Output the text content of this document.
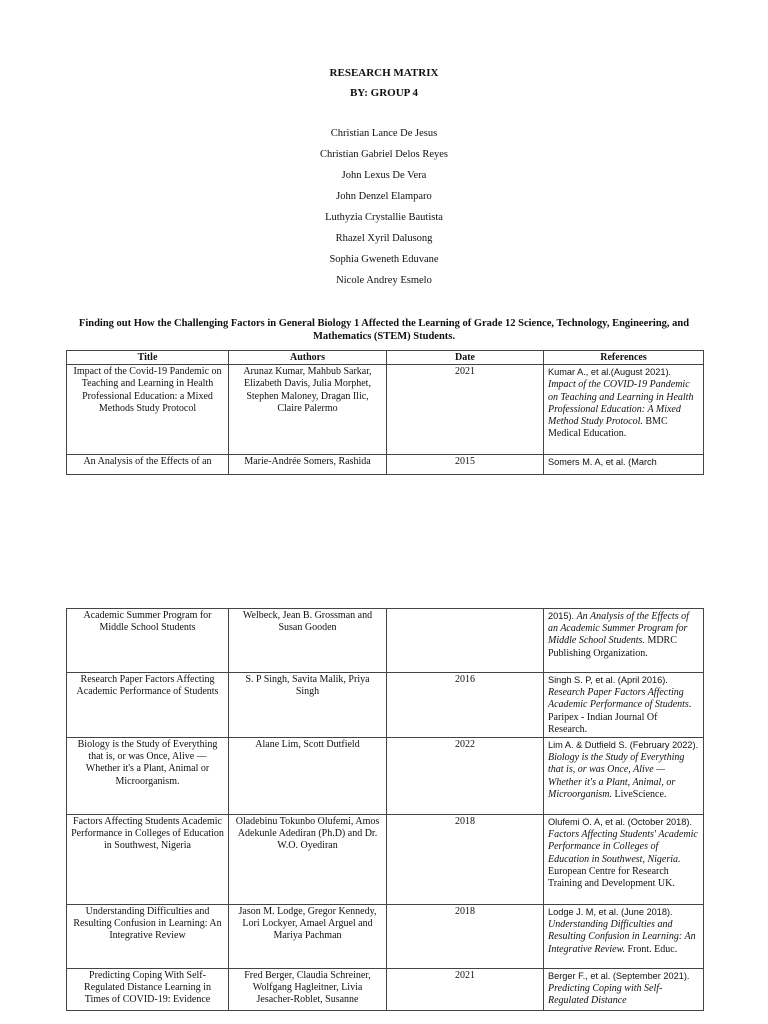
RESEARCH MATRIX
BY: GROUP 4
Christian Lance De Jesus
Christian Gabriel Delos Reyes
John Lexus De Vera
John Denzel Elamparo
Luthyzia Crystallie Bautista
Rhazel Xyril Dalusong
Sophia Gweneth Eduvane
Nicole Andrey Esmelo
Finding out How the Challenging Factors in General Biology 1 Affected the Learning of Grade 12 Science, Technology, Engineering, and Mathematics (STEM) Students.
Title	Authors	Date	References
Impact of the Covid-19 Pandemic on Teaching and Learning in Health Professional Education: a Mixed Methods Study Protocol	Arunaz Kumar, Mahbub Sarkar, Elizabeth Davis, Julia Morphet, Stephen Maloney, Dragan Ilic, Claire Palermo	2021	Kumar A., et al.(August 2021).
Impact of the COVID-19 Pandemic on Teaching and Learning in Health Professional Education: A Mixed Method Study Protocol. BMC Medical Education.
An Analysis of the Effects of an	Marie-Andrée Somers, Rashida	2015	Somers M. A, et al. (March
Academic Summer Program for Middle School Students	Welbeck, Jean B. Grossman and Susan Gooden		2015). An Analysis of the Effects of an Academic Summer Program for Middle School Students. MDRC Publishing Organization.
Research Paper Factors Affecting Academic Performance of Students	S. P Singh, Savita Malik, Priya Singh	2016	Singh S. P, et al. (April 2016).
Research Paper Factors Affecting Academic Performance of Students. Paripex - Indian Journal Of Research.
Biology is the Study of Everything that is, or was Once, Alive — Whether it's a Plant, Animal or Microorganism.	Alane Lim, Scott Dutfield	2022	Lim A. & Dutfield S. (February 2022). Biology is the Study of Everything that is, or was Once, Alive — Whether it's a Plant, Animal, or Microorganism. LiveScience.
Factors Affecting Students Academic Performance in Colleges of Education in Southwest, Nigeria	Oladebinu Tokunbo Olufemi, Amos Adekunle Adediran (Ph.D) and Dr. W.O. Oyediran	2018	Olufemi O. A, et al. (October 2018). Factors Affecting Students' Academic Performance in Colleges of Education in Southwest, Nigeria. European Centre for Research Training and Development UK.
Understanding Difficulties and Resulting Confusion in Learning: An Integrative Review	Jason M. Lodge, Gregor Kennedy, Lori Lockyer, Amael Arguel and Mariya Pachman	2018	Lodge J. M, et al. (June 2018). Understanding Difficulties and Resulting Confusion in Learning: An Integrative Review. Front. Educ.
Predicting Coping With Self-Regulated Distance Learning in Times of COVID-19: Evidence	Fred Berger, Claudia Schreiner, Wolfgang Hagleitner, Livia Jesacher-Roblet, Susanne	2021	Berger F., et al. (September 2021). Predicting Coping with Self-Regulated Distance
